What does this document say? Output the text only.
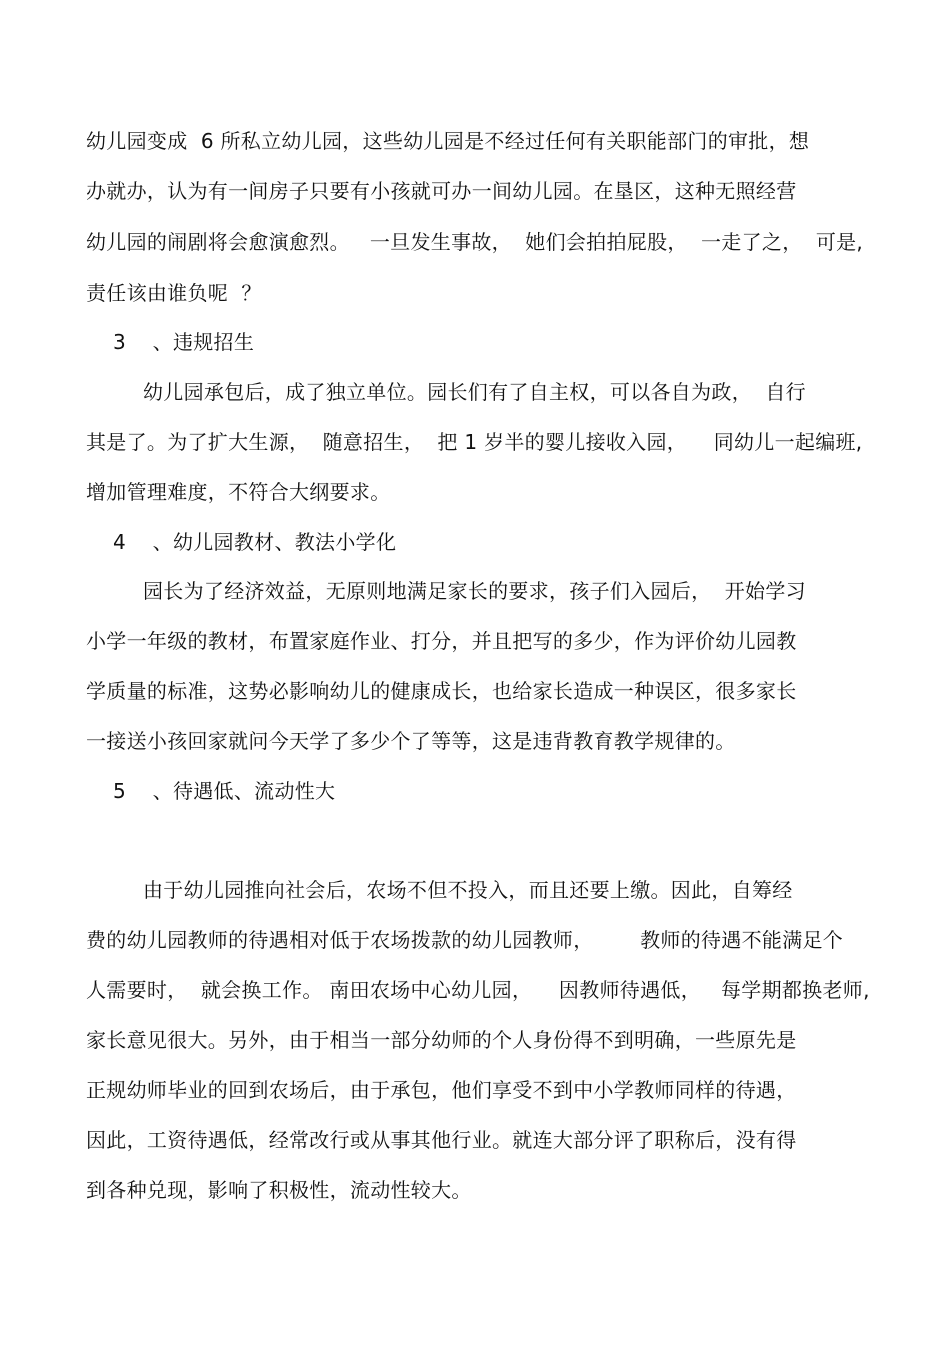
幼儿园变成  6 所私立幼儿园，这些幼儿园是不经过任何有关职能部门的审批，想
办就办，认为有一间房子只要有小孩就可办一间幼儿园。在垦区，这种无照经营
幼儿园的闹剧将会愈演愈烈。   一旦发生事故，  她们会拍拍屁股，  一走了之，  可是,
责任该由谁负呢  ？
3    、违规招生
幼儿园承包后，成了独立单位。园长们有了自主权，可以各自为政，  自行
其是了。为了扩大生源，  随意招生，  把 1 岁半的婴儿接收入园，    同幼儿一起编班,
增加管理难度，不符合大纲要求。
4    、幼儿园教材、教法小学化
园长为了经济效益，无原则地满足家长的要求，孩子们入园后，  开始学习
小学一年级的教材，布置家庭作业、打分，并且把写的多少，作为评价幼儿园教
学质量的标准，这势必影响幼儿的健康成长，也给家长造成一种误区，很多家长
一接送小孩回家就问今天学了多少个了等等，这是违背教育教学规律的。
5    、待遇低、流动性大
由于幼儿园推向社会后，农场不但不投入，而且还要上缴。因此，自筹经
费的幼儿园教师的待遇相对低于农场拨款的幼儿园教师，       教师的待遇不能满足个
人需要时，  就会换工作。 南田农场中心幼儿园，    因教师待遇低，   每学期都换老师,
家长意见很大。另外，由于相当一部分幼师的个人身份得不到明确，一些原先是
正规幼师毕业的回到农场后，由于承包，他们享受不到中小学教师同样的待遇，
因此，工资待遇低，经常改行或从事其他行业。就连大部分评了职称后，没有得
到各种兑现，影响了积极性，流动性较大。
